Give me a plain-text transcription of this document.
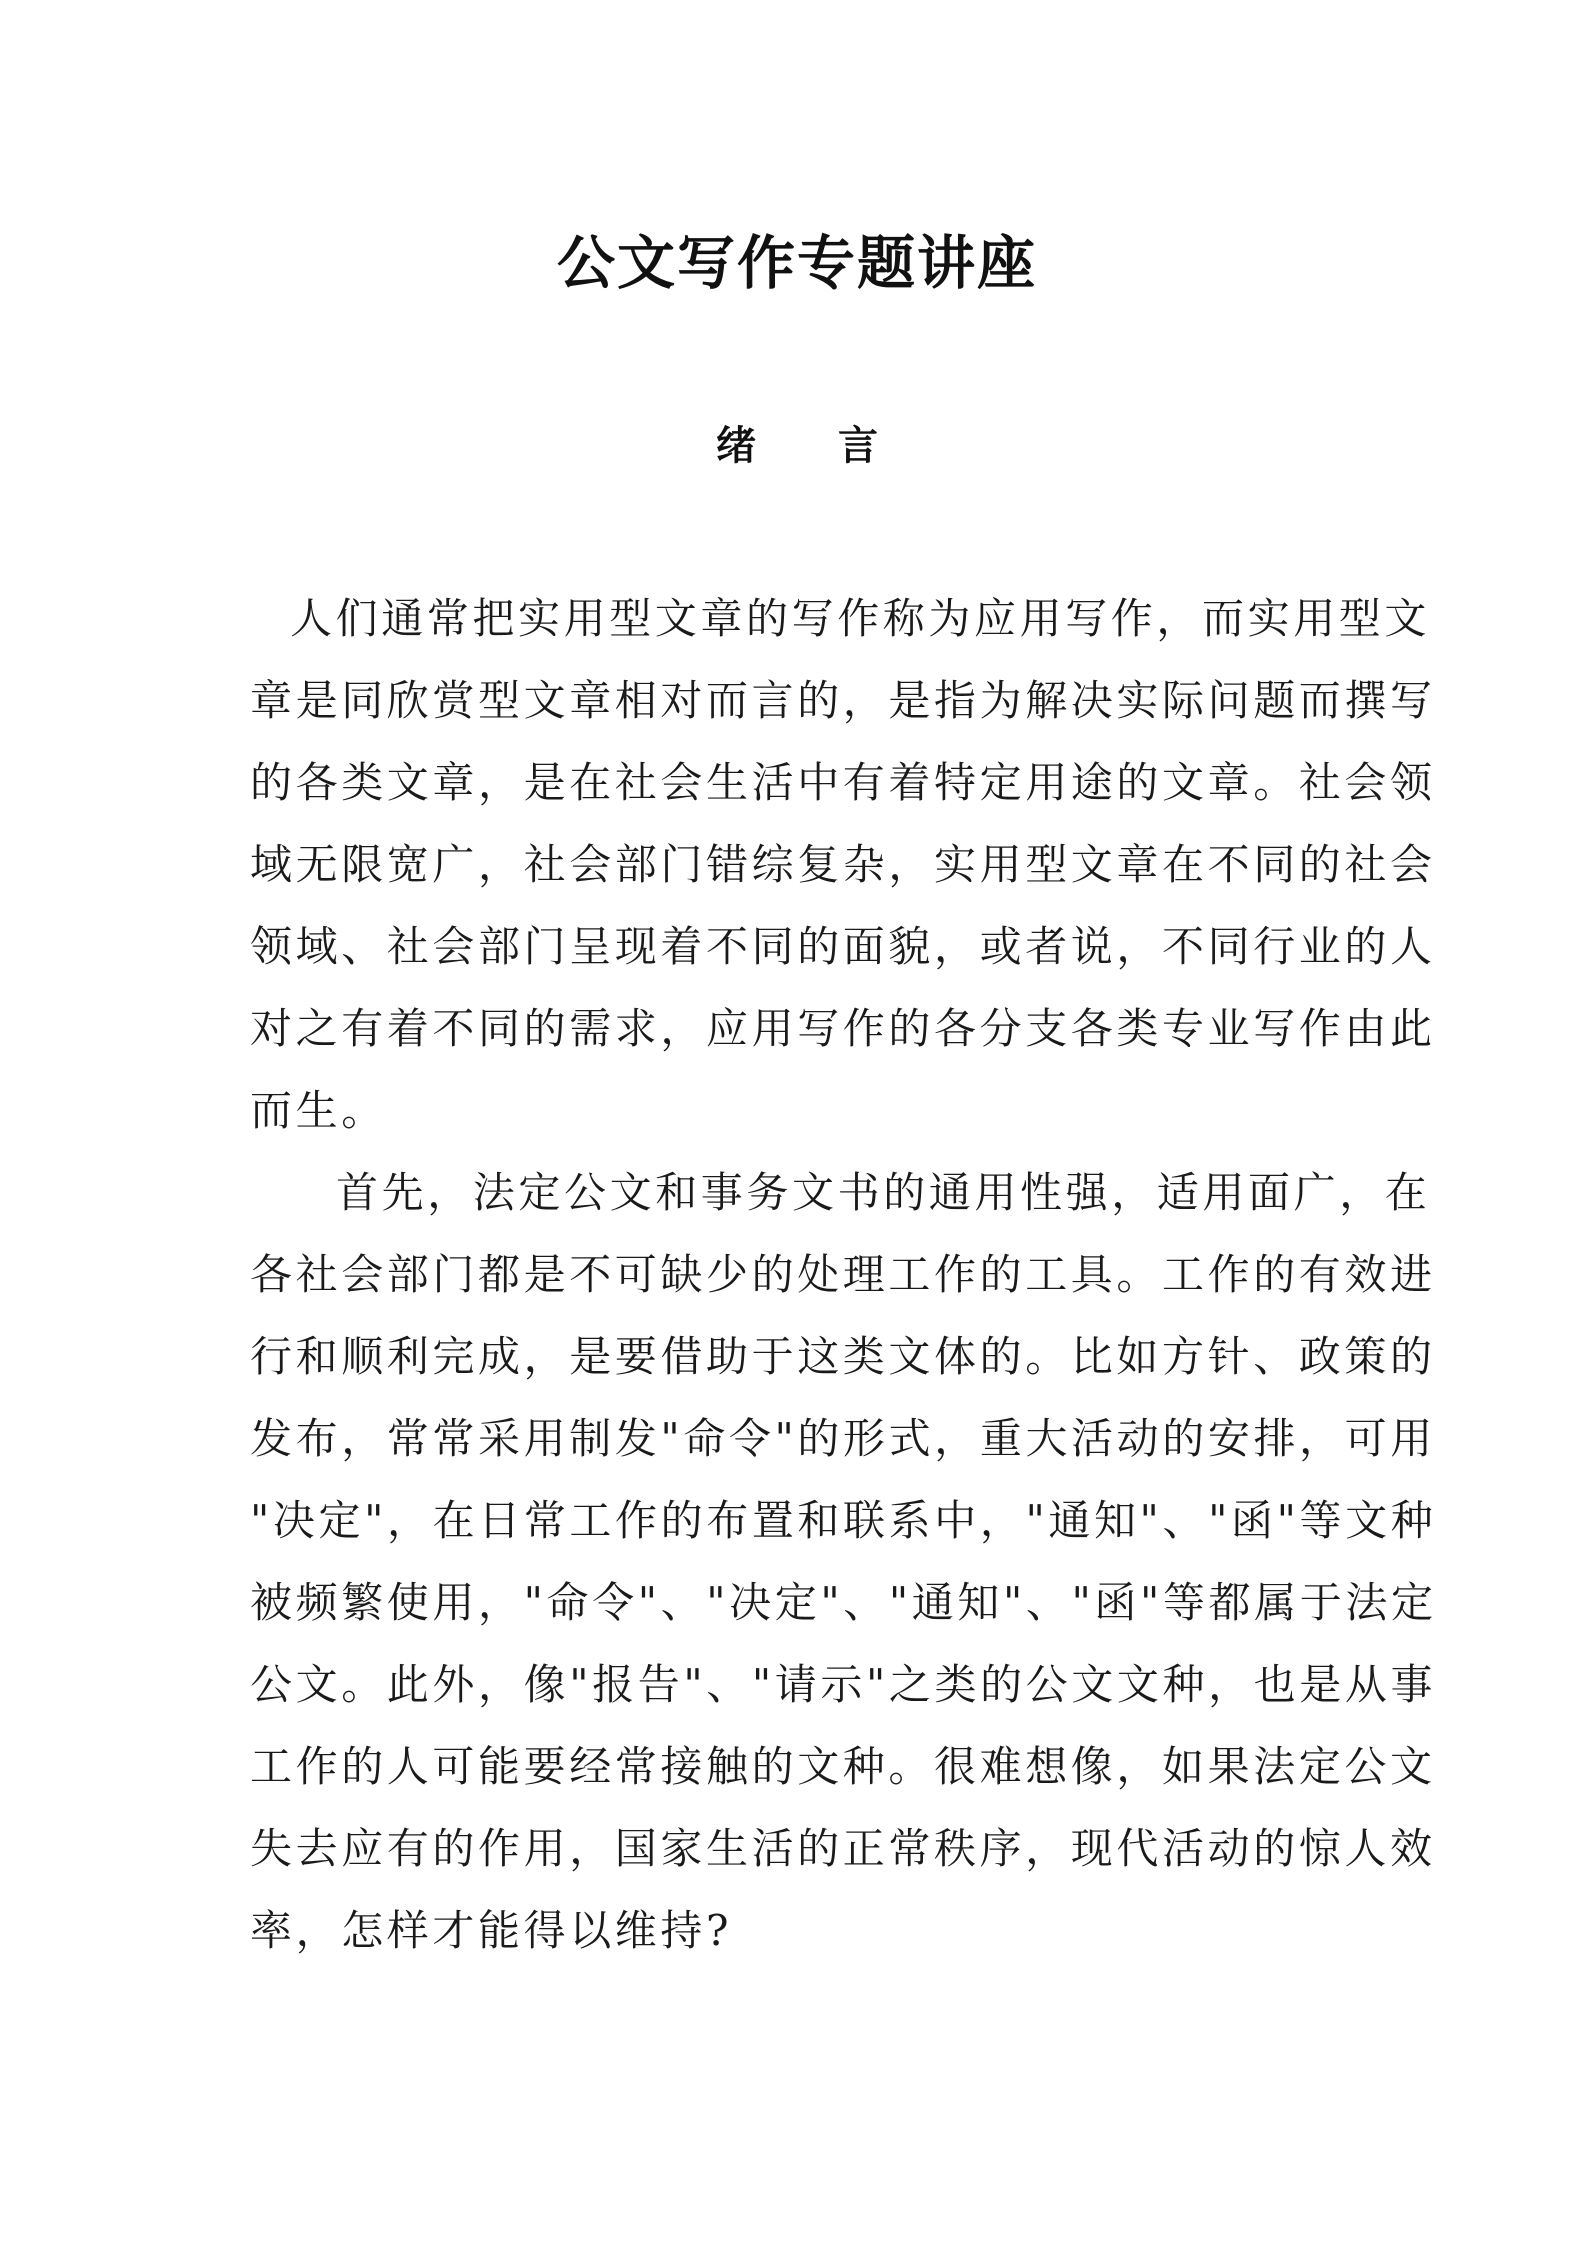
公文写作专题讲座
绪言
人们通常把实用型文章的写作称为应用写作，而实用型文
章是同欣赏型文章相对而言的，是指为解决实际问题而撰写
的各类文章，是在社会生活中有着特定用途的文章。社会领
域无限宽广，社会部门错综复杂，实用型文章在不同的社会
领域、社会部门呈现着不同的面貌，或者说，不同行业的人
对之有着不同的需求，应用写作的各分支各类专业写作由此
而生。
首先，法定公文和事务文书的通用性强，适用面广，在
各社会部门都是不可缺少的处理工作的工具。工作的有效进
行和顺利完成，是要借助于这类文体的。比如方针、政策的
发布，常常采用制发"命令"的形式，重大活动的安排，可用
"决定"，在日常工作的布置和联系中，"通知"、"函"等文种
被频繁使用，"命令"、"决定"、"通知"、"函"等都属于法定
公文。此外，像"报告"、"请示"之类的公文文种，也是从事
工作的人可能要经常接触的文种。很难想像，如果法定公文
失去应有的作用，国家生活的正常秩序，现代活动的惊人效
率，怎样才能得以维持?
